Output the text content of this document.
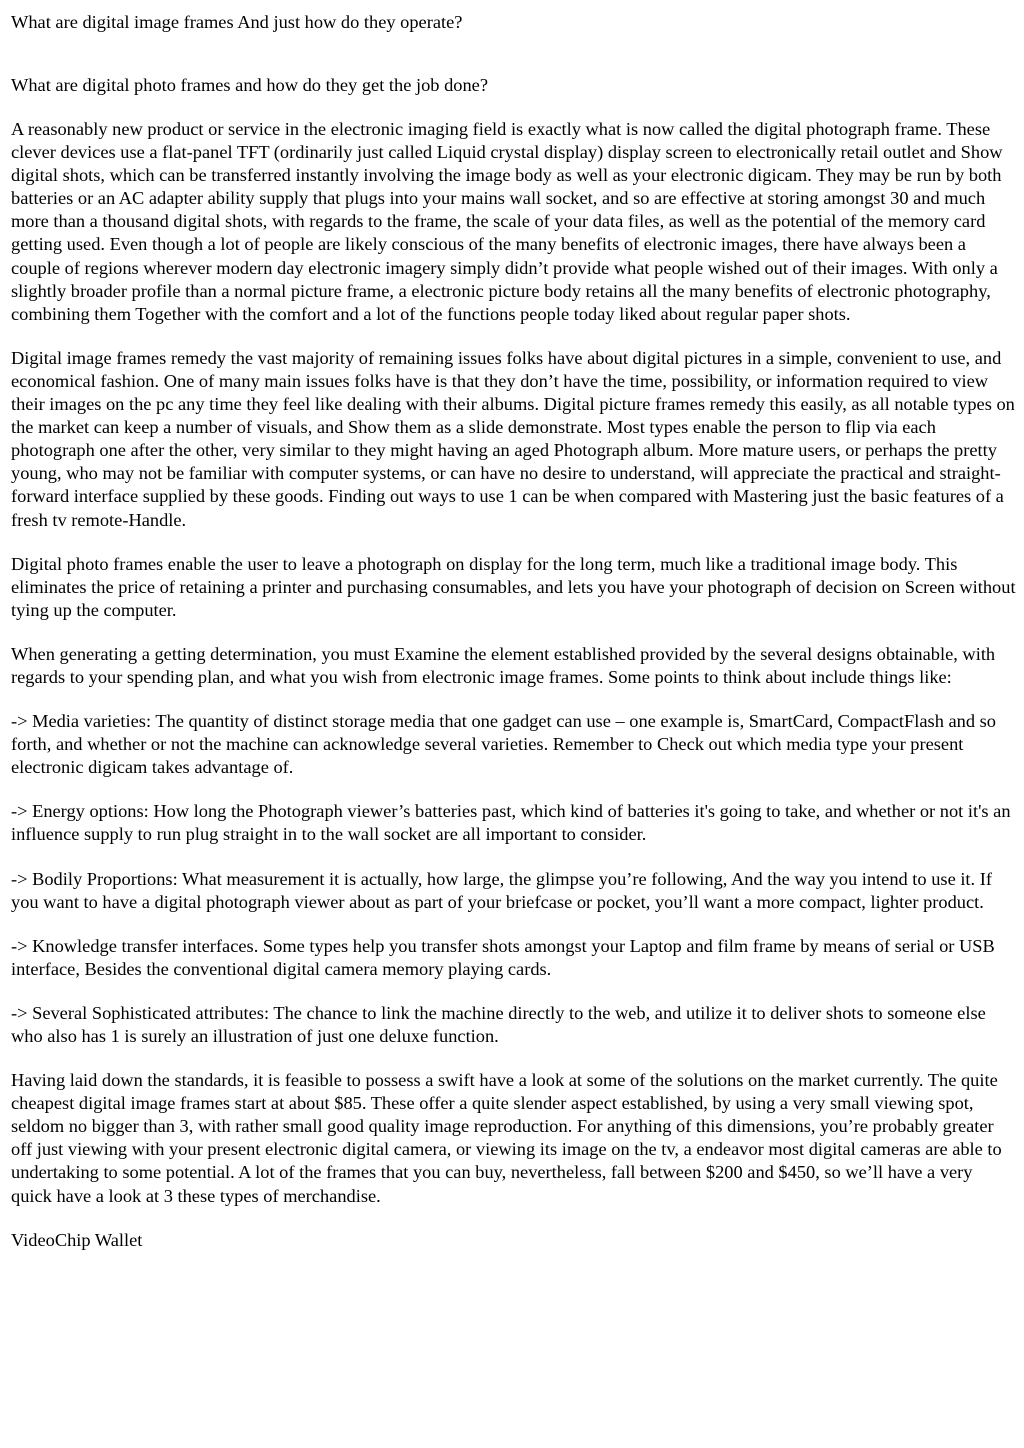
What are digital image frames And just how do they operate?
What are digital photo frames and how do they get the job done?

A reasonably new product or service in the electronic imaging field is exactly what is now called the digital photograph frame. These clever devices use a flat-panel TFT (ordinarily just called Liquid crystal display) display screen to electronically retail outlet and Show digital shots, which can be transferred instantly involving the image body as well as your electronic digicam. They may be run by both batteries or an AC adapter ability supply that plugs into your mains wall socket, and so are effective at storing amongst 30 and much more than a thousand digital shots, with regards to the frame, the scale of your data files, as well as the potential of the memory card getting used. Even though a lot of people are likely conscious of the many benefits of electronic images, there have always been a couple of regions wherever modern day electronic imagery simply didn’t provide what people wished out of their images. With only a slightly broader profile than a normal picture frame, a electronic picture body retains all the many benefits of electronic photography, combining them Together with the comfort and a lot of the functions people today liked about regular paper shots.

Digital image frames remedy the vast majority of remaining issues folks have about digital pictures in a simple, convenient to use, and economical fashion. One of many main issues folks have is that they don’t have the time, possibility, or information required to view their images on the pc any time they feel like dealing with their albums. Digital picture frames remedy this easily, as all notable types on the market can keep a number of visuals, and Show them as a slide demonstrate. Most types enable the person to flip via each photograph one after the other, very similar to they might having an aged Photograph album. More mature users, or perhaps the pretty young, who may not be familiar with computer systems, or can have no desire to understand, will appreciate the practical and straight-forward interface supplied by these goods. Finding out ways to use 1 can be when compared with Mastering just the basic features of a fresh tv remote-Handle.

Digital photo frames enable the user to leave a photograph on display for the long term, much like a traditional image body. This eliminates the price of retaining a printer and purchasing consumables, and lets you have your photograph of decision on Screen without tying up the computer.

When generating a getting determination, you must Examine the element established provided by the several designs obtainable, with regards to your spending plan, and what you wish from electronic image frames. Some points to think about include things like:

-> Media varieties: The quantity of distinct storage media that one gadget can use – one example is, SmartCard, CompactFlash and so forth, and whether or not the machine can acknowledge several varieties. Remember to Check out which media type your present electronic digicam takes advantage of.

-> Energy options: How long the Photograph viewer’s batteries past, which kind of batteries it's going to take, and whether or not it's an influence supply to run plug straight in to the wall socket are all important to consider.

-> Bodily Proportions: What measurement it is actually, how large, the glimpse you’re following, And the way you intend to use it. If you want to have a digital photograph viewer about as part of your briefcase or pocket, you’ll want a more compact, lighter product.

-> Knowledge transfer interfaces. Some types help you transfer shots amongst your Laptop and film frame by means of serial or USB interface, Besides the conventional digital camera memory playing cards.

-> Several Sophisticated attributes: The chance to link the machine directly to the web, and utilize it to deliver shots to someone else who also has 1 is surely an illustration of just one deluxe function.

Having laid down the standards, it is feasible to possess a swift have a look at some of the solutions on the market currently. The quite cheapest digital image frames start at about $85. These offer a quite slender aspect established, by using a very small viewing spot, seldom no bigger than 3, with rather small good quality image reproduction. For anything of this dimensions, you’re probably greater off just viewing with your present electronic digital camera, or viewing its image on the tv, a endeavor most digital cameras are able to undertaking to some potential. A lot of the frames that you can buy, nevertheless, fall between $200 and $450, so we’ll have a very quick have a look at 3 these types of merchandise.

VideoChip Wallet
